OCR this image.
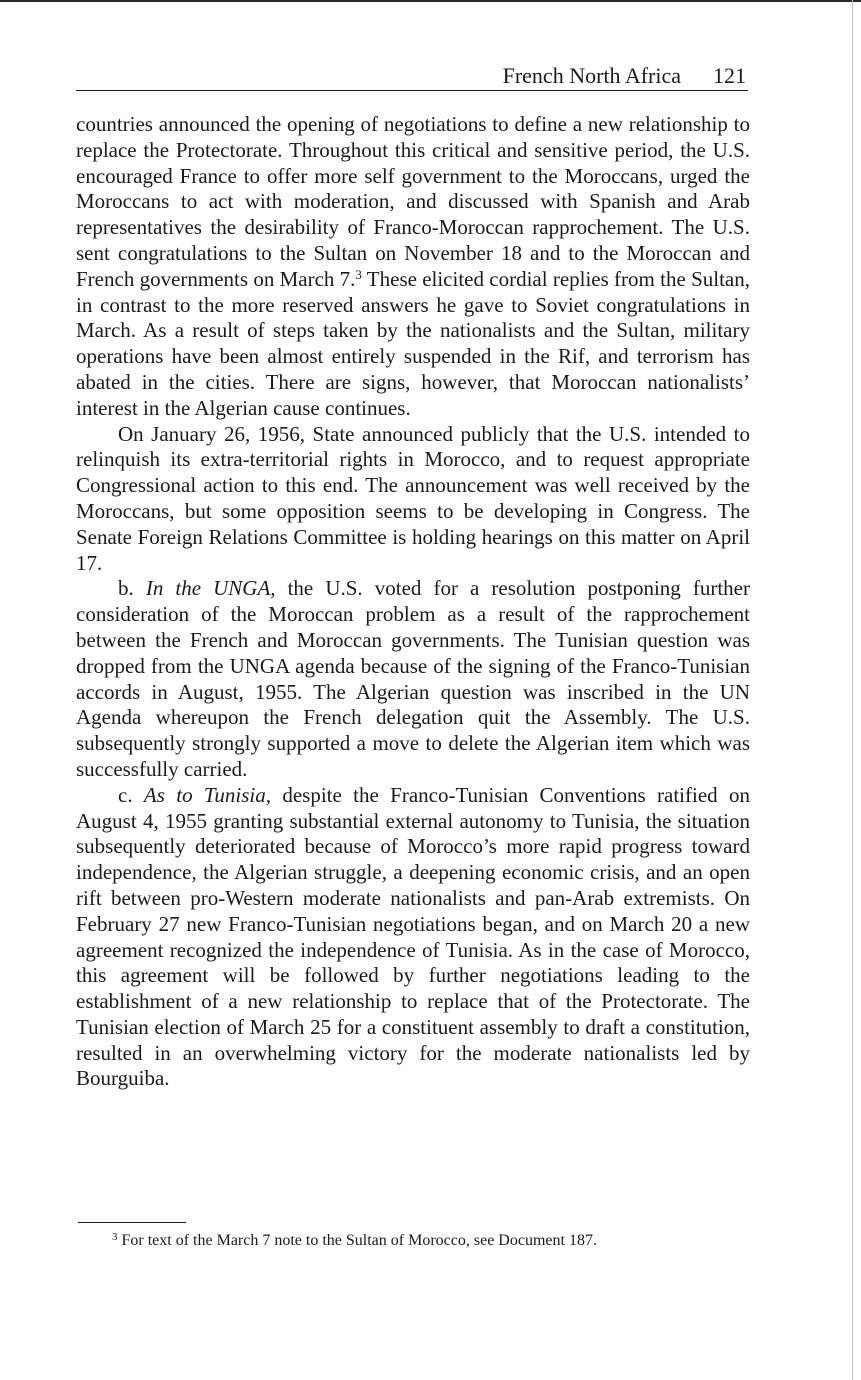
French North Africa 121

countries announced the opening of negotiations to define a new relationship to replace the Protectorate. Throughout this critical and sensitive period, the U.S. encouraged France to offer more self government to the Moroccans, urged the Moroccans to act with moderation, and discussed with Spanish and Arab representatives the desirability of Franco-Moroccan rapprochement. The U.S. sent congratulations to the Sultan on November 18 and to the Moroccan and French governments on March 7.$^3$ These elicited cordial replies from the Sultan, in contrast to the more reserved answers he gave to Soviet congratulations in March. As a result of steps taken by the nationalists and the Sultan, military operations have been almost entirely suspended in the Rif, and terrorism has abated in the cities. There are signs, however, that Moroccan nationalists’ interest in the Algerian cause continues.

On January 26, 1956, State announced publicly that the U.S. intended to relinquish its extra-territorial rights in Morocco, and to request appropriate Congressional action to this end. The announcement was well received by the Moroccans, but some opposition seems to be developing in Congress. The Senate Foreign Relations Committee is holding hearings on this matter on April 17.

b. In the UNGA, the U.S. voted for a resolution postponing further consideration of the Moroccan problem as a result of the rapprochement between the French and Moroccan governments. The Tunisian question was dropped from the UNGA agenda because of the signing of the Franco-Tunisian accords in August, 1955. The Algerian question was inscribed in the UN Agenda whereupon the French delegation quit the Assembly. The U.S. subsequently strongly supported a move to delete the Algerian item which was successfully carried.

c. As to Tunisia, despite the Franco-Tunisian Conventions ratified on August 4, 1955 granting substantial external autonomy to Tunisia, the situation subsequently deteriorated because of Morocco’s more rapid progress toward independence, the Algerian struggle, a deepening economic crisis, and an open rift between pro-Western moderate nationalists and pan-Arab extremists. On February 27 new Franco-Tunisian negotiations began, and on March 20 a new agreement recognized the independence of Tunisia. As in the case of Morocco, this agreement will be followed by further negotiations leading to the establishment of a new relationship to replace that of the Protectorate. The Tunisian election of March 25 for a constituent assembly to draft a constitution, resulted in an overwhelming victory for the moderate nationalists led by Bourguiba.

$^3$ For text of the March 7 note to the Sultan of Morocco, see Document 187.
